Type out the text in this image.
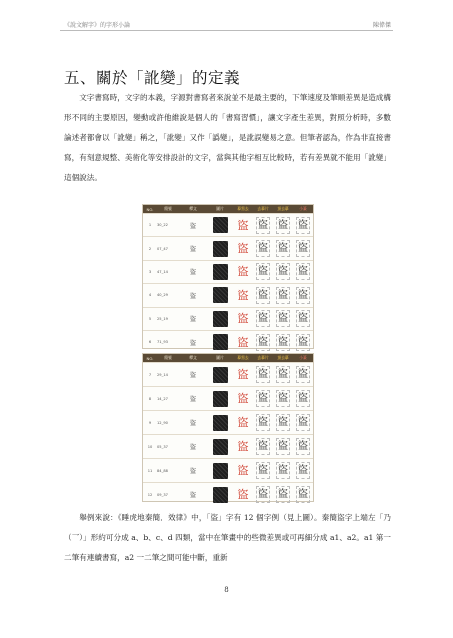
《說文解字》的字形小論	陳偉傑
五、關於「訛變」的定義

文字書寫時，文字的本義，字源對書寫者來說並不是最主要的，下筆速度及筆順差異是造成構形不同的主要原因，變動或許他維說是個人的「書寫習慣」，讓文字產生差異，對照分析時，多數論述者都會以「訛變」稱之，「訛變」又作「譌變」，是訛誤變易之意。但筆者認為，作為非直接書寫，有刻意規整、美術化等安排設計的文字，當與其他字相互比較時，若有差異就不能用「訛變」這個說法。

NO.	簡號	釋文	圖片	摹寫去	去摹片	頂去摹	小篆
1	30_22	盜	盜 盜 盜 盜
2	07_47	盜	盜 盜 盜 盜
3	47_14	盜	盜 盜 盜 盜
4	40_29	盜	盜 盜 盜 盜
5	25_19	盜	盜 盜 盜 盜
6	71_93	盜	盜 盜 盜 盜
NO.	簡號	釋文	圖片	摹寫去	去摹片	頂去摹	小篆
7	29_14	盜	盜 盜 盜 盜
8	14_27	盜	盜 盜 盜 盜
9	12_90	盜	盜 盜 盜 盜
10	05_37	盜	盜 盜 盜 盜
11	84_88	盜	盜 盜 盜 盜
12	09_37	盜	盜 盜 盜 盜

舉例來說：《睡虎地秦簡．效律》中，「盜」字有 12 個字例（見上圖）。秦簡盜字上端左「乃（乛）」形約可分成 a、b、c、d 四類，當中在筆畫中的些微差異或可再細分成 a1、a2。a1 第一二筆有連續書寫，a2 一二筆之間可能中斷，重新

8
